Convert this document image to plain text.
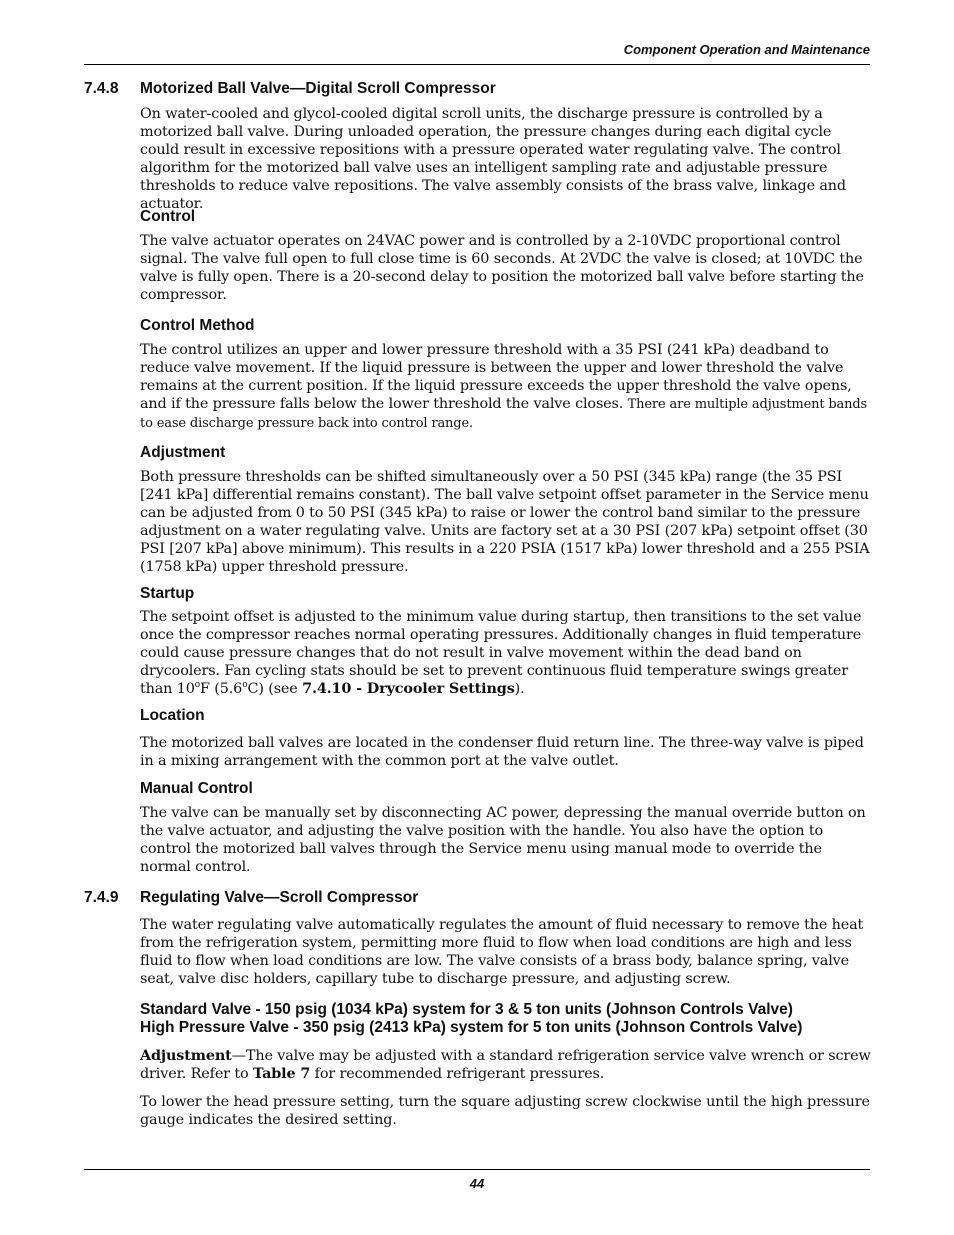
Component Operation and Maintenance
7.4.8 Motorized Ball Valve—Digital Scroll Compressor
On water-cooled and glycol-cooled digital scroll units, the discharge pressure is controlled by a motorized ball valve. During unloaded operation, the pressure changes during each digital cycle could result in excessive repositions with a pressure operated water regulating valve. The control algorithm for the motorized ball valve uses an intelligent sampling rate and adjustable pressure thresholds to reduce valve repositions. The valve assembly consists of the brass valve, linkage and actuator.
Control
The valve actuator operates on 24VAC power and is controlled by a 2-10VDC proportional control signal. The valve full open to full close time is 60 seconds. At 2VDC the valve is closed; at 10VDC the valve is fully open. There is a 20-second delay to position the motorized ball valve before starting the compressor.
Control Method
The control utilizes an upper and lower pressure threshold with a 35 PSI (241 kPa) deadband to reduce valve movement. If the liquid pressure is between the upper and lower threshold the valve remains at the current position. If the liquid pressure exceeds the upper threshold the valve opens, and if the pressure falls below the lower threshold the valve closes. There are multiple adjustment bands to ease discharge pressure back into control range.
Adjustment
Both pressure thresholds can be shifted simultaneously over a 50 PSI (345 kPa) range (the 35 PSI [241 kPa] differential remains constant). The ball valve setpoint offset parameter in the Service menu can be adjusted from 0 to 50 PSI (345 kPa) to raise or lower the control band similar to the pressure adjustment on a water regulating valve. Units are factory set at a 30 PSI (207 kPa) setpoint offset (30 PSI [207 kPa] above minimum). This results in a 220 PSIA (1517 kPa) lower threshold and a 255 PSIA (1758 kPa) upper threshold pressure.
Startup
The setpoint offset is adjusted to the minimum value during startup, then transitions to the set value once the compressor reaches normal operating pressures. Additionally changes in fluid temperature could cause pressure changes that do not result in valve movement within the dead band on drycoolers. Fan cycling stats should be set to prevent continuous fluid temperature swings greater than 10$^o$F (5.6$^o$C) (see 7.4.10 - Drycooler Settings).
Location
The motorized ball valves are located in the condenser fluid return line. The three-way valve is piped in a mixing arrangement with the common port at the valve outlet.
Manual Control
The valve can be manually set by disconnecting AC power, depressing the manual override button on the valve actuator, and adjusting the valve position with the handle. You also have the option to control the motorized ball valves through the Service menu using manual mode to override the normal control.
7.4.9 Regulating Valve—Scroll Compressor
The water regulating valve automatically regulates the amount of fluid necessary to remove the heat from the refrigeration system, permitting more fluid to flow when load conditions are high and less fluid to flow when load conditions are low. The valve consists of a brass body, balance spring, valve seat, valve disc holders, capillary tube to discharge pressure, and adjusting screw.
Standard Valve - 150 psig (1034 kPa) system for 3 & 5 ton units (Johnson Controls Valve)
High Pressure Valve - 350 psig (2413 kPa) system for 5 ton units (Johnson Controls Valve)
Adjustment—The valve may be adjusted with a standard refrigeration service valve wrench or screw driver. Refer to Table 7 for recommended refrigerant pressures.
To lower the head pressure setting, turn the square adjusting screw clockwise until the high pressure gauge indicates the desired setting.
44
